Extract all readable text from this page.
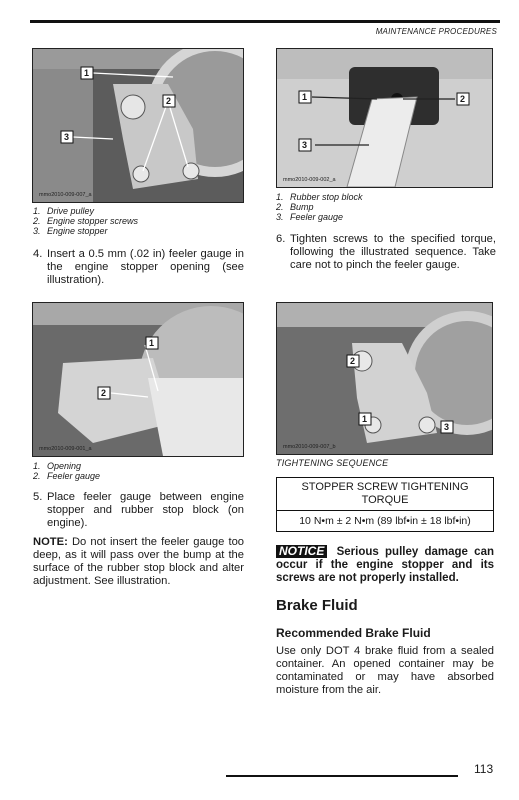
MAINTENANCE PROCEDURES
1
2
3
mmo2010-009-007_a
1. Drive pulley
2. Engine stopper screws
3. Engine stopper
4. Insert a 0.5 mm (.02 in) feeler gauge in the engine stopper opening (see illustration).
1	2
3
mmo2010-009-002_a
1. Rubber stop block
2. Bump
3. Feeler gauge
6. Tighten screws to the specified torque, following the illustrated sequence. Take care not to pinch the feeler gauge.
1
2
mmo2010-009-001_a
1. Opening
2. Feeler gauge
5. Place feeler gauge between engine stopper and rubber stop block (on engine).
NOTE: Do not insert the feeler gauge too deep, as it will pass over the bump at the surface of the rubber stop block and alter adjustment. See illustration.
2
1
3
mmo2010-009-007_b
TIGHTENING SEQUENCE
STOPPER SCREW TIGHTENING TORQUE
10 N•m ± 2 N•m (89 lbf•in ± 18 lbf•in)
NOTICE Serious pulley damage can occur if the engine stopper and its screws are not properly installed.
Brake Fluid
Recommended Brake Fluid
Use only DOT 4 brake fluid from a sealed container. An opened container may be contaminated or may have absorbed moisture from the air.
113
